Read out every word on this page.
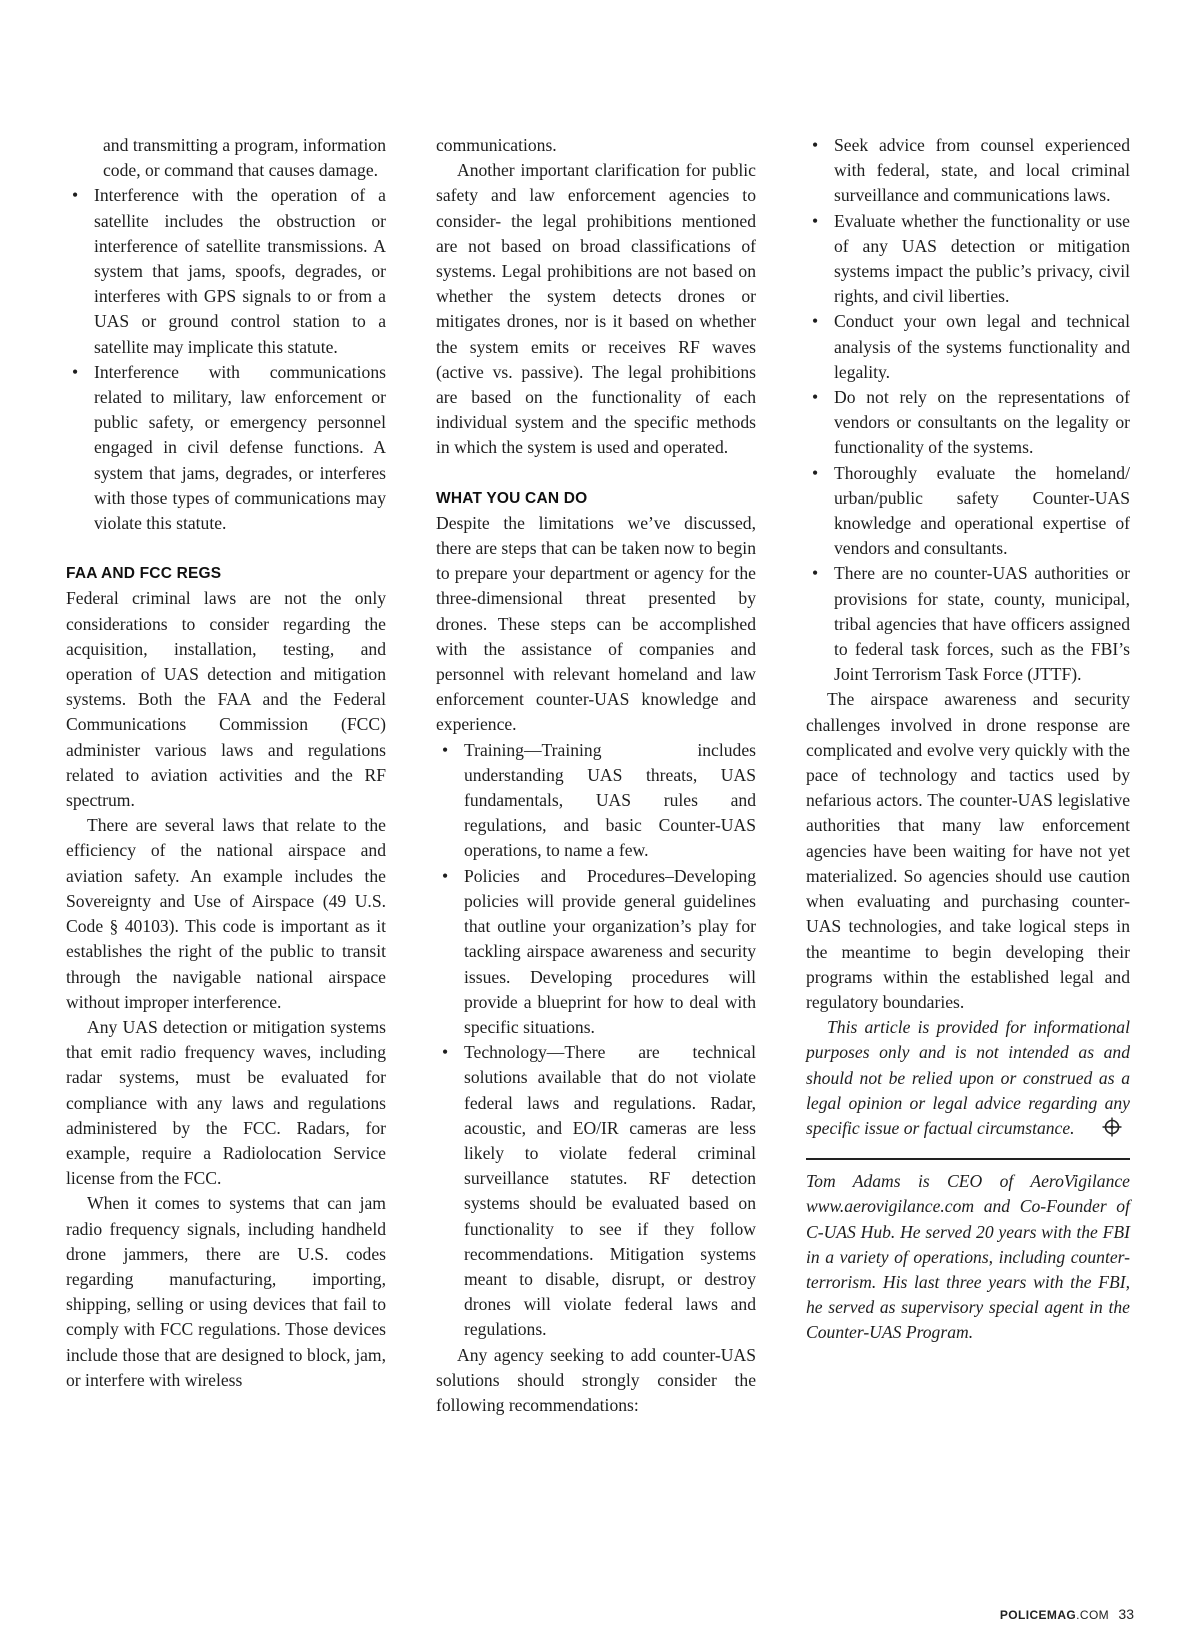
and transmitting a program, information code, or command that causes damage.

• Interference with the operation of a satellite includes the obstruction or interference of satellite transmissions. A system that jams, spoofs, degrades, or interferes with GPS signals to or from a UAS or ground control station to a satellite may implicate this statute.
• Interference with communications related to military, law enforcement or public safety, or emergency personnel engaged in civil defense functions. A system that jams, degrades, or interferes with those types of communications may violate this statute.
FAA AND FCC REGS

Federal criminal laws are not the only considerations to consider regarding the acquisition, installation, testing, and operation of UAS detection and mitigation systems. Both the FAA and the Federal Communications Commission (FCC) administer various laws and regulations related to aviation activities and the RF spectrum.

There are several laws that relate to the efficiency of the national airspace and aviation safety. An example includes the Sovereignty and Use of Airspace (49 U.S. Code § 40103). This code is important as it establishes the right of the public to transit through the navigable national airspace without improper interference.

Any UAS detection or mitigation systems that emit radio frequency waves, including radar systems, must be evaluated for compliance with any laws and regulations administered by the FCC. Radars, for example, require a Radiolocation Service license from the FCC.

When it comes to systems that can jam radio frequency signals, including handheld drone jammers, there are U.S. codes regarding manufacturing, importing, shipping, selling or using devices that fail to comply with FCC regulations. Those devices include those that are designed to block, jam, or interfere with wireless

communications.

Another important clarification for public safety and law enforcement agencies to consider- the legal prohibitions mentioned are not based on broad classifications of systems. Legal prohibitions are not based on whether the system detects drones or mitigates drones, nor is it based on whether the system emits or receives RF waves (active vs. passive). The legal prohibitions are based on the functionality of each individual system and the specific methods in which the system is used and operated.

WHAT YOU CAN DO

Despite the limitations we’ve discussed, there are steps that can be taken now to begin to prepare your department or agency for the three-dimensional threat presented by drones. These steps can be accomplished with the assistance of companies and personnel with relevant homeland and law enforcement counter-UAS knowledge and experience.

• Training—Training includes understanding UAS threats, UAS fundamentals, UAS rules and regulations, and basic Counter-UAS operations, to name a few.
• Policies and Procedures–Developing policies will provide general guidelines that outline your organization’s play for tackling airspace awareness and security issues. Developing procedures will provide a blueprint for how to deal with specific situations.
• Technology—There are technical solutions available that do not violate federal laws and regulations. Radar, acoustic, and EO/IR cameras are less likely to violate federal criminal surveillance statutes. RF detection systems should be evaluated based on functionality to see if they follow recommendations. Mitigation systems meant to disable, disrupt, or destroy drones will violate federal laws and regulations.

Any agency seeking to add counter-UAS solutions should strongly consider the following recommendations:

• Seek advice from counsel experienced with federal, state, and local criminal surveillance and communications laws.
• Evaluate whether the functionality or use of any UAS detection or mitigation systems impact the public’s privacy, civil rights, and civil liberties.
• Conduct your own legal and technical analysis of the systems functionality and legality.
• Do not rely on the representations of vendors or consultants on the legality or functionality of the systems.
• Thoroughly evaluate the homeland/ urban/public safety Counter-UAS knowledge and operational expertise of vendors and consultants.
• There are no counter-UAS authorities or provisions for state, county, municipal, tribal agencies that have officers assigned to federal task forces, such as the FBI’s Joint Terrorism Task Force (JTTF).

The airspace awareness and security challenges involved in drone response are complicated and evolve very quickly with the pace of technology and tactics used by nefarious actors. The counter-UAS legislative authorities that many law enforcement agencies have been waiting for have not yet materialized. So agencies should use caution when evaluating and purchasing counter-UAS technologies, and take logical steps in the meantime to begin developing their programs within the established legal and regulatory boundaries.

This article is provided for informational purposes only and is not intended as and should not be relied upon or construed as a legal opinion or legal advice regarding any specific issue or factual circumstance.

Tom Adams is CEO of AeroVigilance www.aerovigilance.com and Co-Founder of C-UAS Hub. He served 20 years with the FBI in a variety of operations, including counter-terrorism. His last three years with the FBI, he served as supervisory special agent in the Counter-UAS Program.

POLICEMAG.COM 33
